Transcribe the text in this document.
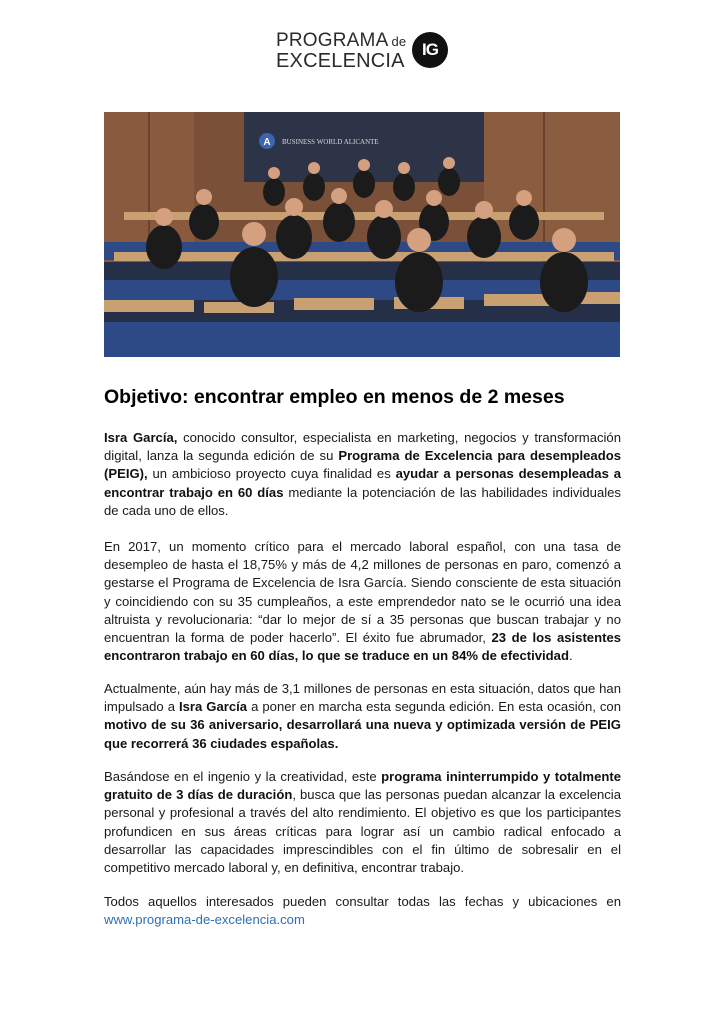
PROGRAMA de
EXCELENCIA
IG
A BUSINESS WORLD ALICANTE
Objetivo: encontrar empleo en menos de 2 meses

Isra García, conocido consultor, especialista en marketing, negocios y transformación digital, lanza la segunda edición de su Programa de Excelencia para desempleados (PEIG), un ambicioso proyecto cuya finalidad es ayudar a personas desempleadas a encontrar trabajo en 60 días mediante la potenciación de las habilidades individuales de cada uno de ellos.

En 2017, un momento crítico para el mercado laboral español, con una tasa de desempleo de hasta el 18,75% y más de 4,2 millones de personas en paro, comenzó a gestarse el Programa de Excelencia de Isra García. Siendo consciente de esta situación y coincidiendo con su 35 cumpleaños, a este emprendedor nato se le ocurrió una idea altruista y revolucionaria: “dar lo mejor de sí a 35 personas que buscan trabajar y no encuentran la forma de poder hacerlo”. El éxito fue abrumador, 23 de los asistentes encontraron trabajo en 60 días, lo que se traduce en un 84% de efectividad.

Actualmente, aún hay más de 3,1 millones de personas en esta situación, datos que han impulsado a Isra García a poner en marcha esta segunda edición. En esta ocasión, con motivo de su 36 aniversario, desarrollará una nueva y optimizada versión de PEIG que recorrerá 36 ciudades españolas.

Basándose en el ingenio y la creatividad, este programa ininterrumpido y totalmente gratuito de 3 días de duración, busca que las personas puedan alcanzar la excelencia personal y profesional a través del alto rendimiento. El objetivo es que los participantes profundicen en sus áreas críticas para lograr así un cambio radical enfocado a desarrollar las capacidades imprescindibles con el fin último de sobresalir en el competitivo mercado laboral y, en definitiva, encontrar trabajo.

Todos aquellos interesados pueden consultar todas las fechas y ubicaciones en www.programa-de-excelencia.com
